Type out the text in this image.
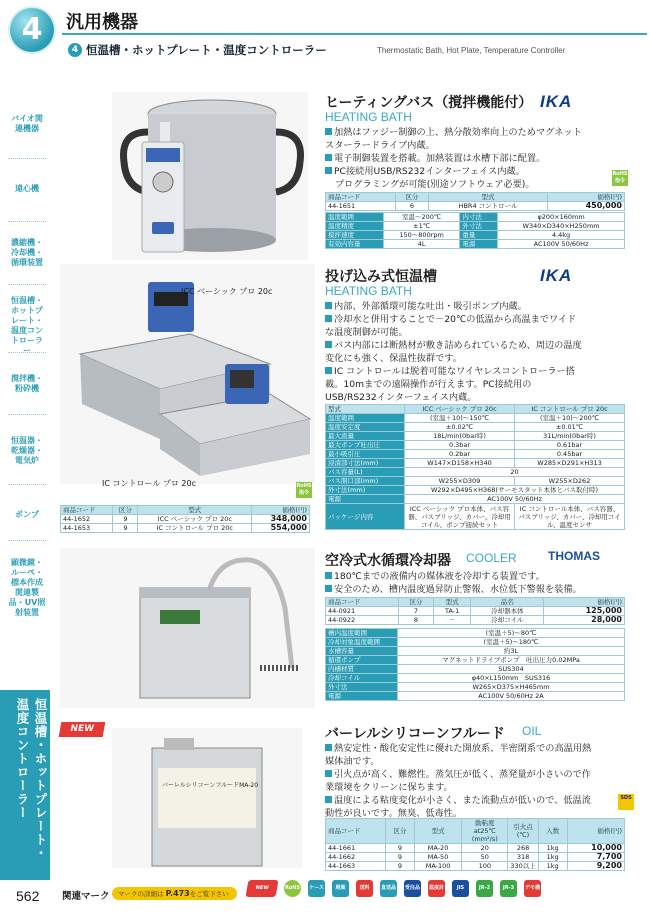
4	汎用機器
4 恒温槽・ホットプレート・温度コントローラー	Thermostatic Bath, Hot Plate, Temperature Controller
バイオ関連機器
遠心機
濃縮機・冷却機・循環装置
恒温槽・ホットプレート・温度コントローラー
撹拌機・粉砕機
恒温器・乾燥器・電気炉
ポンプ
顕微鏡・ルーペ・標本作成関連製品・UV照射装置
恒温槽・ホットプレート・温度コントローラー
ヒーティングバス（撹拌機能付） IKA
HEATING BATH
加熱はファジー制御の上、熱分散効率向上のためマグネットスターラードライブ内蔵。
電子制御装置を搭載。加熱装置は水槽下部に配置。
PC接続用USB/RS232インターフェイス内蔵。
プログラミングが可能(別途ソフトウェア必要)。
RoHS指令
商品コード	区分	型式	価格(円)
44-1651	6	HBR4 コントロール	450,000
温度範囲	室温～200℃	内寸法	φ200×160mm
温度精度	±1℃	外寸法	W340×D340×H250mm
撹拌速度	150～800rpm	重量	4.4kg
有効内容量	4L	電源	AC100V 50/60Hz
ICC ベーシック プロ 20c
IC コントロール プロ 20c	RoHS指令
投げ込み式恒温槽	IKA
HEATING BATH
内部、外部循環可能な吐出・吸引ポンプ内蔵。
冷却水と併用することで－20℃の低温から高温までワイドな温度制御が可能。
バス内部には断熱材が敷き詰められているため、周辺の温度変化にも強く、保温性抜群です。
IC コントロールは脱着可能なワイヤレスコントローラー搭載。10mまでの遠隔操作が行えます。PC接続用のUSB/RS232インターフェイス内蔵。
型式	ICC ベーシック プロ 20c	IC コントロール プロ 20c
温度範囲	(室温＋10)～150℃	(室温＋10)～200℃
温度安定度	±0.02℃	±0.01℃
最大流量	18L/min(0bar時)	31L/min(0bar時)
最大ポンプ吐出圧	0.3bar	0.61bar
最小吸引圧	0.2bar	0.45bar
浸漬部寸法(mm)	W147×D158×H340	W285×D291×H313
バス容量(L)	20	
バス開口部(mm)	W255×D309	W255×D262
外寸法(mm)	W292×D495×H368(サーモスタット本体とバス取付時)	
電源	AC100V 50/60Hz	
パッケージ内容	ICC ベーシック プロ本体、バス容器、バスブリッジ、カバー、冷却用コイル、ポンプ接続セット	IC コントロール本体、バス容器、バスブリッジ、カバー、冷却用コイル、温度センサ
商品コード	区分	型式	価格(円)
44-1652	9	ICC ベーシック プロ 20c	348,000
44-1653	9	IC コントロール プロ 20c	554,000
空冷式水循環冷却器 COOLER	THOMAS
180℃までの液備内の媒体液を冷却する装置です。
安全のため、槽内温度過昇防止警報、水位低下警報を装備。
商品コード	区分	型式	品名	価格(円)
44-0921	7	TA-1	冷却器本体	125,000
44-0922	8	－	冷却コイル	28,000
槽内温度範囲	(室温＋5)～80℃
冷却対象温度範囲	(室温＋5)～180℃
水槽容量	約3L
循環ポンプ	マグネットドライブポンプ　吐出圧力0.02MPa
内槽材質	SUS304
冷却コイル	φ40×L150mm　SUS316
外寸法	W265×D375×H465mm
電源	AC100V 50/60Hz 2A
NEW
バーレルシリコーンフルードMA-20
バーレルシリコーンフルード OIL
熱安定性・酸化安定性に優れた開放系、半密閉系での高温用熱媒体油です。
引火点が高く、難燃性。蒸気圧が低く、蒸発量が小さいので作業環境をクリーンに保ちます。
温度による粘度変化が小さく、また流動点が低いので、低温流動性が良いです。無臭、低毒性。
SDS
商品コード	区分	型式	動粘度at25℃(mm²/s)	引火点(℃)	入数	価格(円)
44-1661	9	MA-20	20	268	1kg	10,000
44-1662	9	MA-50	50	318	1kg	7,700
44-1663	9	MA-100	100	330以上	1kg	9,200
562 関連マーク	マークの詳細は P.473をご覧下さい
NEW	RoHS ケース売
廃棄	送料	直送品 受注品 温度計	JIS	JR-2	JR-3	デモ機
